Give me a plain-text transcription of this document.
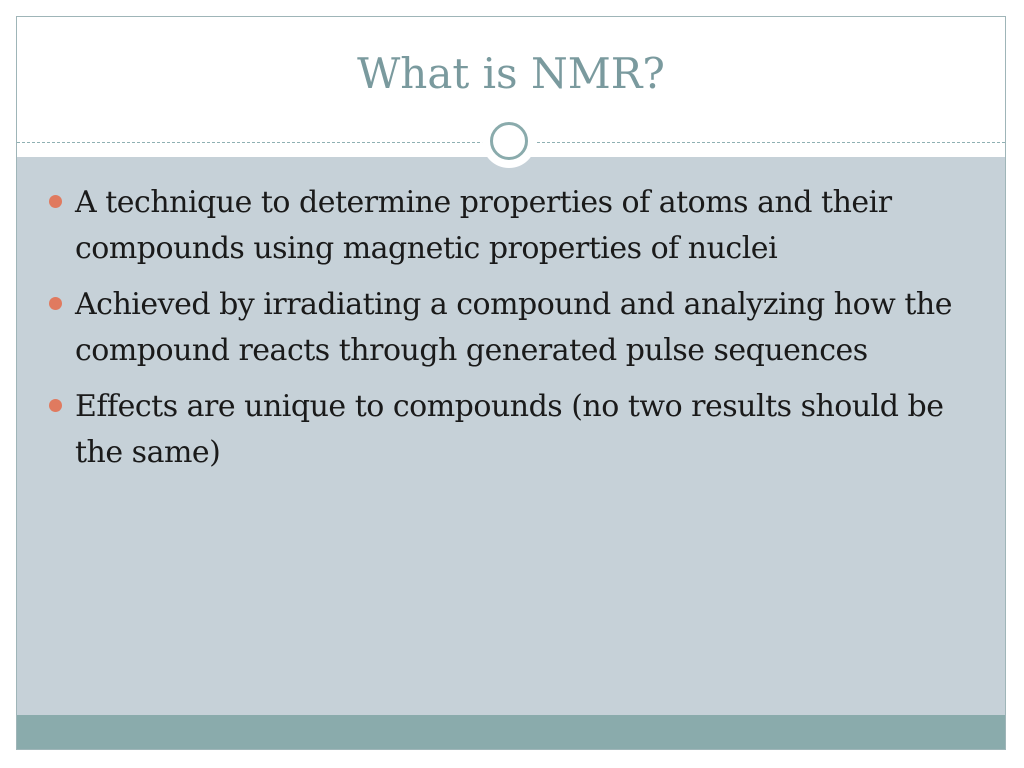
What is NMR?
A technique to determine properties of atoms and their compounds using magnetic properties of nuclei
Achieved by irradiating a compound and analyzing how the compound reacts through generated pulse sequences
Effects are unique to compounds (no two results should be the same)
